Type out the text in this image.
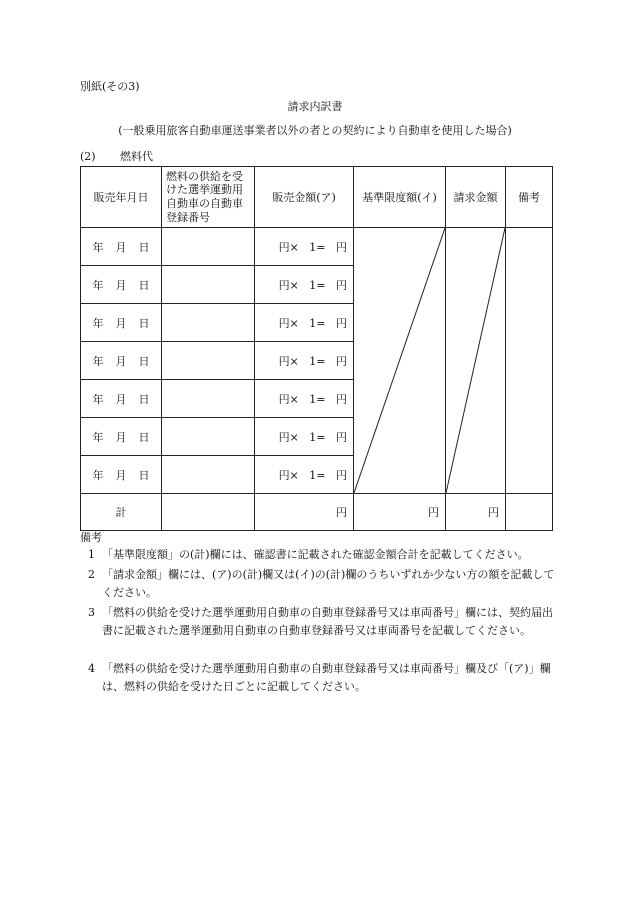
別紙(その3)
請求内訳書
(一般乗用旅客自動車運送事業者以外の者との契約により自動車を使用した場合)
(2) 燃料代
販売年月日	燃料の供給を受けた選挙運動用自動車の自動車登録番号	販売金額(ア)	基準限度額(イ)	請求金額	備考
年 月 日		円× 1= 円	

年 月 日		円× 1= 円			
年 月 日		円× 1= 円			
年 月 日		円× 1= 円			
年 月 日		円× 1= 円			
年 月 日		円× 1= 円			
年 月 日		円× 1= 円			
計		円	円	円	
備考
1 「基準限度額」の(計)欄には、確認書に記載された確認金額合計を記載してください。
2 「請求金額」欄には、(ア)の(計)欄又は(イ)の(計)欄のうちいずれか少ない方の額を記載してください。
3 「燃料の供給を受けた選挙運動用自動車の自動車登録番号又は車両番号」欄には、契約届出書に記載された選挙運動用自動車の自動車登録番号又は車両番号を記載してください。
4 「燃料の供給を受けた選挙運動用自動車の自動車登録番号又は車両番号」欄及び「(ア)」欄は、燃料の供給を受けた日ごとに記載してください。
